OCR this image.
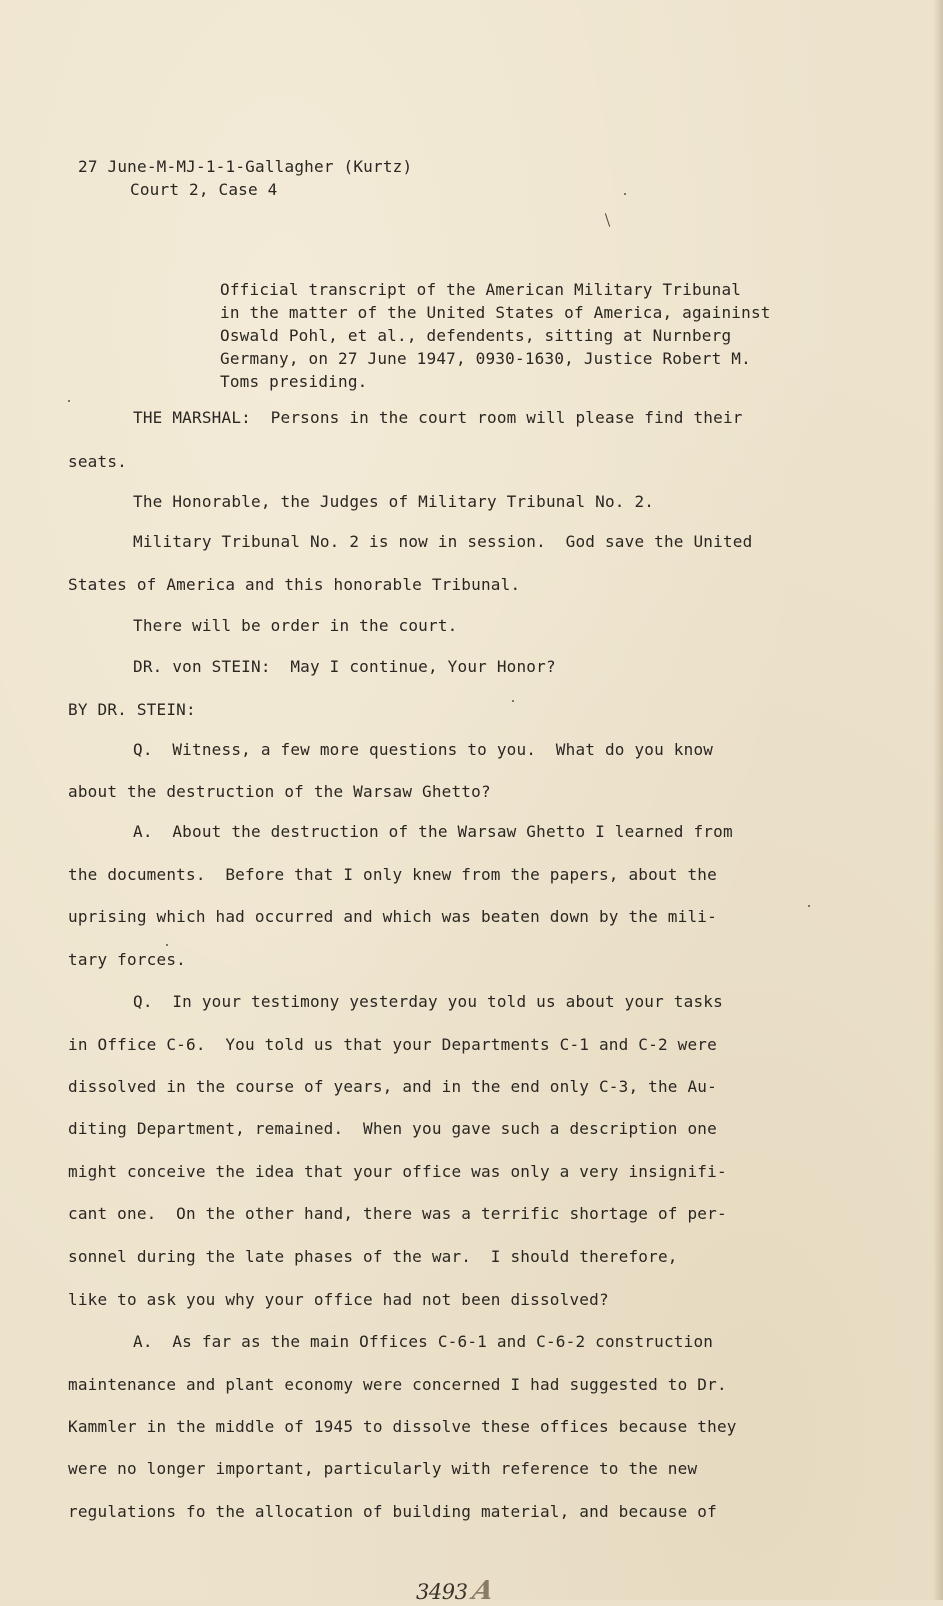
27 June-M-MJ-1-1-Gallagher (Kurtz)
Court 2, Case 4
Official transcript of the American Military Tribunal
in the matter of the United States of America, againinst
Oswald Pohl, et al., defendents, sitting at Nurnberg
Germany, on 27 June 1947, 0930-1630, Justice Robert M.
Toms presiding.
THE MARSHAL:  Persons in the court room will please find their
seats.
The Honorable, the Judges of Military Tribunal No. 2.
Military Tribunal No. 2 is now in session.  God save the United
States of America and this honorable Tribunal.
There will be order in the court.
DR. von STEIN:  May I continue, Your Honor?
BY DR. STEIN:
Q.  Witness, a few more questions to you.  What do you know
about the destruction of the Warsaw Ghetto?
A.  About the destruction of the Warsaw Ghetto I learned from
the documents.  Before that I only knew from the papers, about the
uprising which had occurred and which was beaten down by the mili-
tary forces.
Q.  In your testimony yesterday you told us about your tasks
in Office C-6.  You told us that your Departments C-1 and C-2 were
dissolved in the course of years, and in the end only C-3, the Au-
diting Department, remained.  When you gave such a description one
might conceive the idea that your office was only a very insignifi-
cant one.  On the other hand, there was a terrific shortage of per-
sonnel during the late phases of the war.  I should therefore,
like to ask you why your office had not been dissolved?
A.  As far as the main Offices C-6-1 and C-6-2 construction
maintenance and plant economy were concerned I had suggested to Dr.
Kammler in the middle of 1945 to dissolve these offices because they
were no longer important, particularly with reference to the new
regulations fo the allocation of building material, and because of
3493 A
